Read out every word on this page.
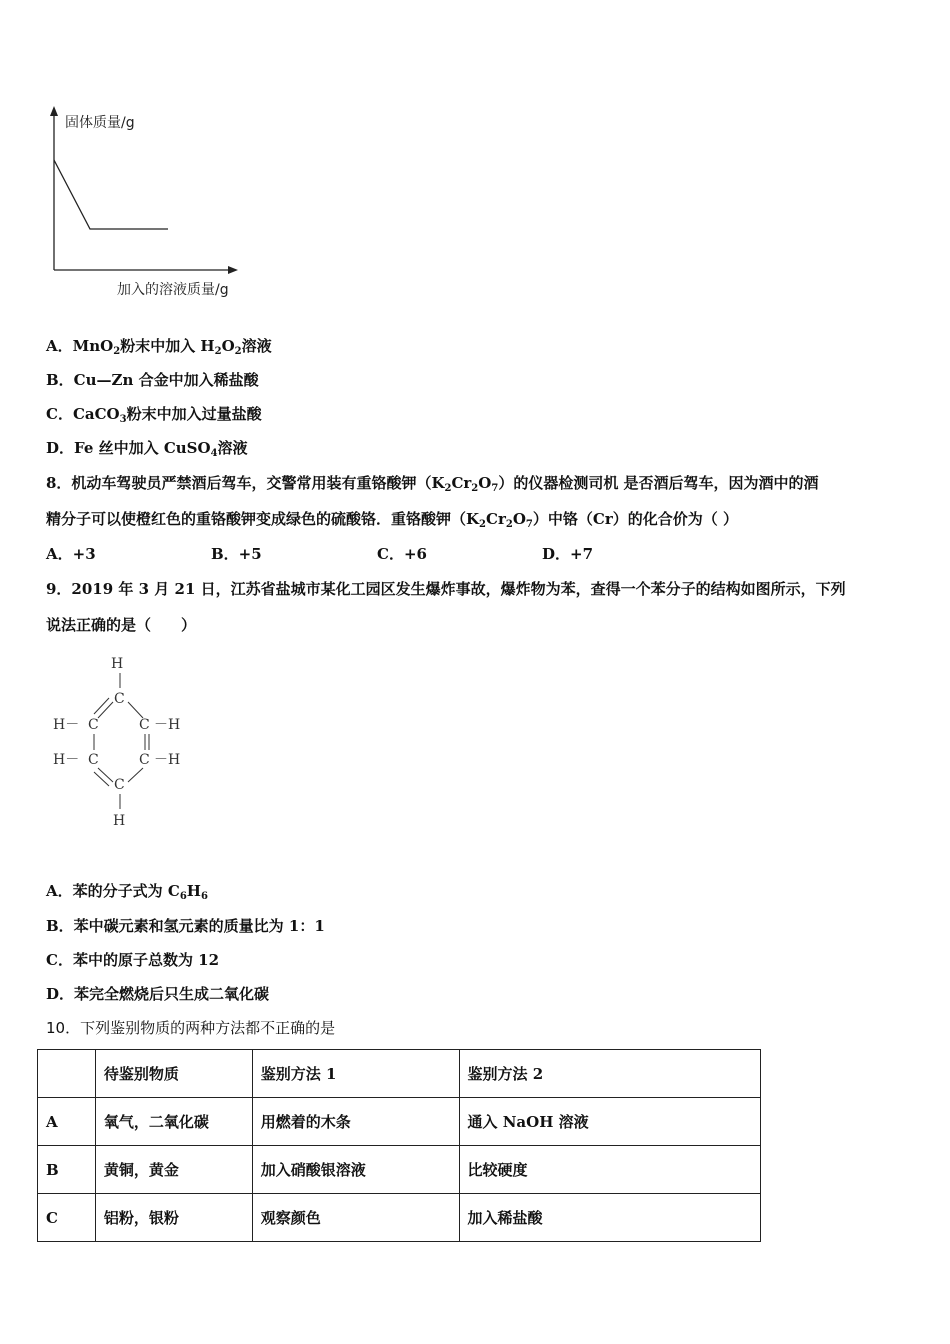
固体质量/g
加入的溶液质量/g
A．MnO$_2$粉末中加入 $H_2O_2$溶液
B．Cu—Zn 合金中加入稀盐酸
C．CaCO$_3$粉末中加入过量盐酸
D．Fe 丝中加入 CuSO$_4$溶液
8．机动车驾驶员严禁酒后驾车，交警常用装有重铬酸钾$(K_2Cr_2O_7)$的仪器检测司机 是否酒后驾车，因为酒中的酒
精分子可以使橙红色的重铬酸钾变成绿色的硫酸铬．重铬酸钾$(K_2Cr_2O_7)$中铬（Cr）的化合价为（ ）
A．+3	B．+5	C．+6	D．+7
9．2019 年 3 月 21 日，江苏省盐城市某化工园区发生爆炸事故，爆炸物为苯，查得一个苯分子的结构如图所示，下列
说法正确的是（　　）
H
C
H－ C	C －H
H－ C	C －H
C
H
A．苯的分子式为 $C_6H_6$
B．苯中碳元素和氢元素的质量比为 1：1
C．苯中的原子总数为 12
D．苯完全燃烧后只生成二氧化碳
10．下列鉴别物质的两种方法都不正确的是
	待鉴别物质	鉴别方法 1	鉴别方法 2
A	氧气，二氧化碳	用燃着的木条	通入 NaOH 溶液
B	黄铜，黄金	加入硝酸银溶液	比较硬度
C	铝粉，银粉	观察颜色	加入稀盐酸
